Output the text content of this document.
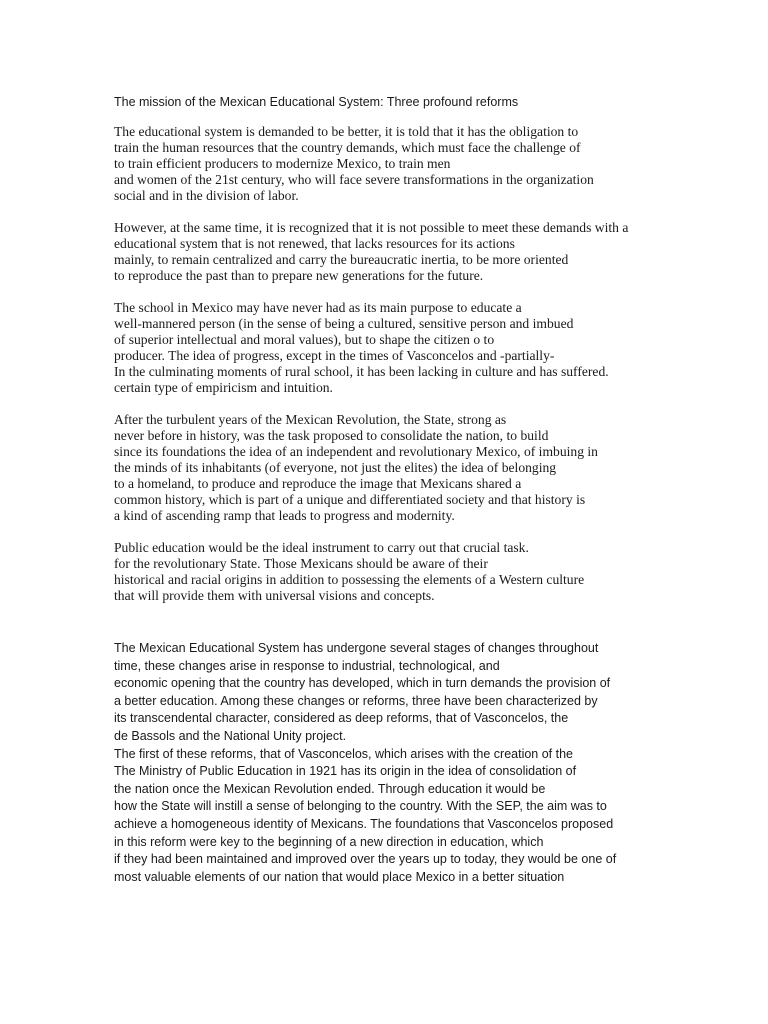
The mission of the Mexican Educational System: Three profound reforms
The educational system is demanded to be better, it is told that it has the obligation to
train the human resources that the country demands, which must face the challenge of
to train efficient producers to modernize Mexico, to train men
and women of the 21st century, who will face severe transformations in the organization
social and in the division of labor.
However, at the same time, it is recognized that it is not possible to meet these demands with a
educational system that is not renewed, that lacks resources for its actions
mainly, to remain centralized and carry the bureaucratic inertia, to be more oriented
to reproduce the past than to prepare new generations for the future.
The school in Mexico may have never had as its main purpose to educate a
well-mannered person (in the sense of being a cultured, sensitive person and imbued
of superior intellectual and moral values), but to shape the citizen o to
producer. The idea of progress, except in the times of Vasconcelos and -partially-
In the culminating moments of rural school, it has been lacking in culture and has suffered.
certain type of empiricism and intuition.
After the turbulent years of the Mexican Revolution, the State, strong as
never before in history, was the task proposed to consolidate the nation, to build
since its foundations the idea of an independent and revolutionary Mexico, of imbuing in
the minds of its inhabitants (of everyone, not just the elites) the idea of belonging
to a homeland, to produce and reproduce the image that Mexicans shared a
common history, which is part of a unique and differentiated society and that history is
a kind of ascending ramp that leads to progress and modernity.
Public education would be the ideal instrument to carry out that crucial task.
for the revolutionary State. Those Mexicans should be aware of their
historical and racial origins in addition to possessing the elements of a Western culture
that will provide them with universal visions and concepts.
The Mexican Educational System has undergone several stages of changes throughout
time, these changes arise in response to industrial, technological, and
economic opening that the country has developed, which in turn demands the provision of
a better education. Among these changes or reforms, three have been characterized by
its transcendental character, considered as deep reforms, that of Vasconcelos, the
de Bassols and the National Unity project.
The first of these reforms, that of Vasconcelos, which arises with the creation of the
The Ministry of Public Education in 1921 has its origin in the idea of consolidation of
the nation once the Mexican Revolution ended. Through education it would be
how the State will instill a sense of belonging to the country. With the SEP, the aim was to
achieve a homogeneous identity of Mexicans. The foundations that Vasconcelos proposed
in this reform were key to the beginning of a new direction in education, which
if they had been maintained and improved over the years up to today, they would be one of
most valuable elements of our nation that would place Mexico in a better situation
